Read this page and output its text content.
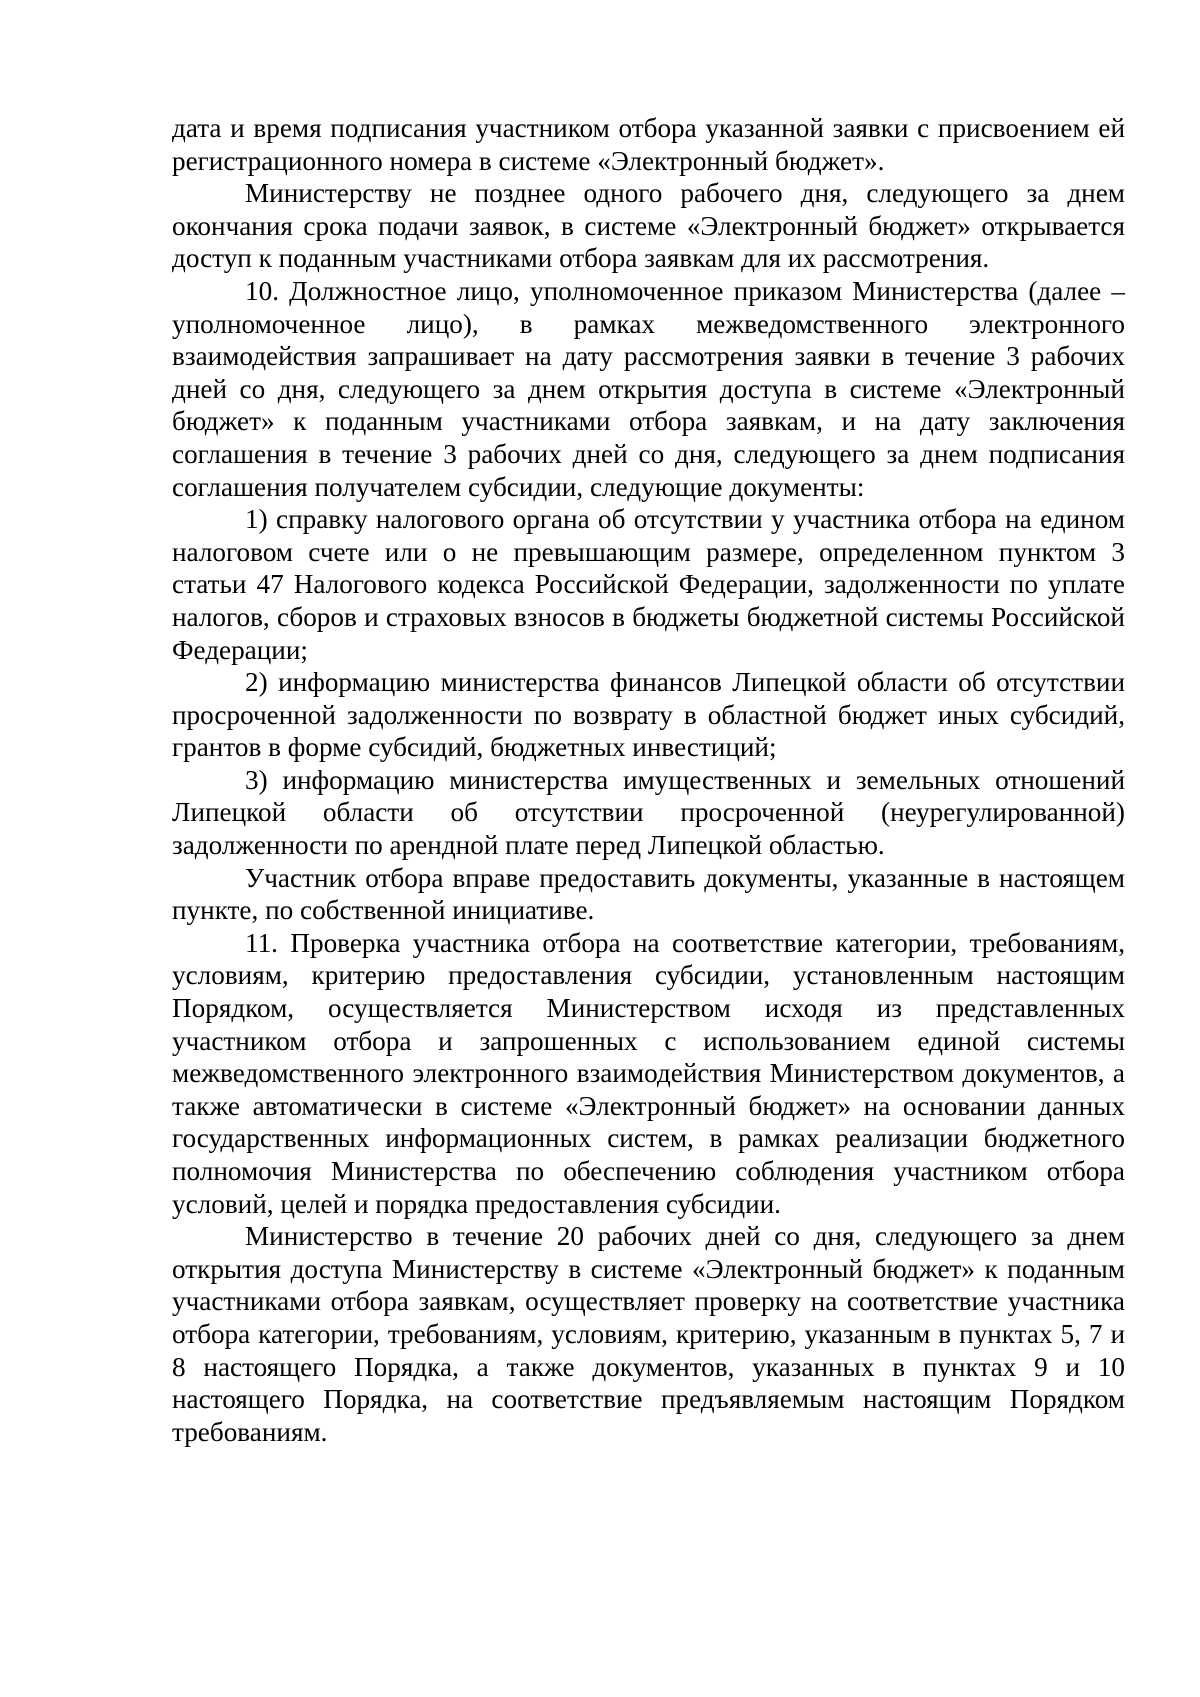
дата и время подписания участником отбора указанной заявки с присвоением ей регистрационного номера в системе «Электронный бюджет».

Министерству не позднее одного рабочего дня, следующего за днем окончания срока подачи заявок, в системе «Электронный бюджет» открывается доступ к поданным участниками отбора заявкам для их рассмотрения.

10. Должностное лицо, уполномоченное приказом Министерства (далее – уполномоченное лицо), в рамках межведомственного электронного взаимодействия запрашивает на дату рассмотрения заявки в течение 3 рабочих дней со дня, следующего за днем открытия доступа в системе «Электронный бюджет» к поданным участниками отбора заявкам, и на дату заключения соглашения в течение 3 рабочих дней со дня, следующего за днем подписания соглашения получателем субсидии, следующие документы:

1) справку налогового органа об отсутствии у участника отбора на едином налоговом счете или о не превышающим размере, определенном пунктом 3 статьи 47 Налогового кодекса Российской Федерации, задолженности по уплате налогов, сборов и страховых взносов в бюджеты бюджетной системы Российской Федерации;

2) информацию министерства финансов Липецкой области об отсутствии просроченной задолженности по возврату в областной бюджет иных субсидий, грантов в форме субсидий, бюджетных инвестиций;

3) информацию министерства имущественных и земельных отношений Липецкой области об отсутствии просроченной (неурегулированной) задолженности по арендной плате перед Липецкой областью.

Участник отбора вправе предоставить документы, указанные в настоящем пункте, по собственной инициативе.

11. Проверка участника отбора на соответствие категории, требованиям, условиям, критерию предоставления субсидии, установленным настоящим Порядком, осуществляется Министерством исходя из представленных участником отбора и запрошенных с использованием единой системы межведомственного электронного взаимодействия Министерством документов, а также автоматически в системе «Электронный бюджет» на основании данных государственных информационных систем, в рамках реализации бюджетного полномочия Министерства по обеспечению соблюдения участником отбора условий, целей и порядка предоставления субсидии.

Министерство в течение 20 рабочих дней со дня, следующего за днем открытия доступа Министерству в системе «Электронный бюджет» к поданным участниками отбора заявкам, осуществляет проверку на соответствие участника отбора категории, требованиям, условиям, критерию, указанным в пунктах 5, 7 и 8 настоящего Порядка, а также документов, указанных в пунктах 9 и 10 настоящего Порядка, на соответствие предъявляемым настоящим Порядком требованиям.
